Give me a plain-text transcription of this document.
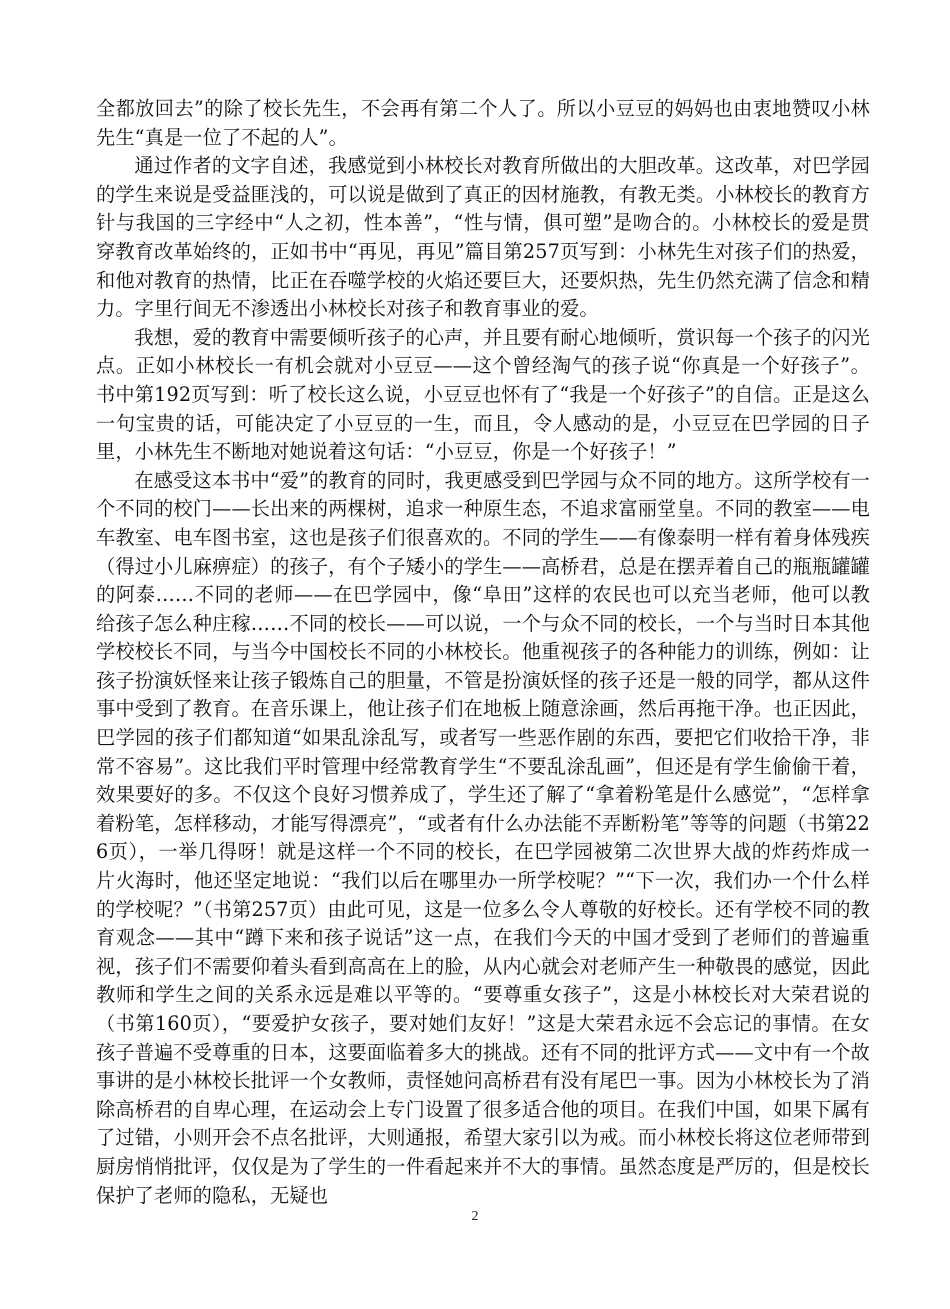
全都放回去”的除了校长先生，不会再有第二个人了。所以小豆豆的妈妈也由衷地赞叹小林先生“真是一位了不起的人”。

通过作者的文字自述，我感觉到小林校长对教育所做出的大胆改革。这改革，对巴学园的学生来说是受益匪浅的，可以说是做到了真正的因材施教，有教无类。小林校长的教育方针与我国的三字经中“人之初，性本善”，“性与情，俱可塑”是吻合的。小林校长的爱是贯穿教育改革始终的，正如书中“再见，再见”篇目第257页写到：小林先生对孩子们的热爱，和他对教育的热情，比正在吞噬学校的火焰还要巨大，还要炽热，先生仍然充满了信念和精力。字里行间无不渗透出小林校长对孩子和教育事业的爱。

我想，爱的教育中需要倾听孩子的心声，并且要有耐心地倾听，赏识每一个孩子的闪光点。正如小林校长一有机会就对小豆豆——这个曾经淘气的孩子说“你真是一个好孩子”。书中第192页写到：听了校长这么说，小豆豆也怀有了“我是一个好孩子”的自信。正是这么一句宝贵的话，可能决定了小豆豆的一生，而且，令人感动的是，小豆豆在巴学园的日子里，小林先生不断地对她说着这句话：“小豆豆，你是一个好孩子！”

在感受这本书中“爱”的教育的同时，我更感受到巴学园与众不同的地方。这所学校有一个不同的校门——长出来的两棵树，追求一种原生态，不追求富丽堂皇。不同的教室——电车教室、电车图书室，这也是孩子们很喜欢的。不同的学生——有像泰明一样有着身体残疾（得过小儿麻痹症）的孩子，有个子矮小的学生——高桥君，总是在摆弄着自己的瓶瓶罐罐的阿泰……不同的老师——在巴学园中，像“阜田”这样的农民也可以充当老师，他可以教给孩子怎么种庄稼……不同的校长——可以说，一个与众不同的校长，一个与当时日本其他学校校长不同，与当今中国校长不同的小林校长。他重视孩子的各种能力的训练，例如：让孩子扮演妖怪来让孩子锻炼自己的胆量，不管是扮演妖怪的孩子还是一般的同学，都从这件事中受到了教育。在音乐课上，他让孩子们在地板上随意涂画，然后再拖干净。也正因此，巴学园的孩子们都知道“如果乱涂乱写，或者写一些恶作剧的东西，要把它们收拾干净，非常不容易”。这比我们平时管理中经常教育学生“不要乱涂乱画”，但还是有学生偷偷干着，效果要好的多。不仅这个良好习惯养成了，学生还了解了“拿着粉笔是什么感觉”，“怎样拿着粉笔，怎样移动，才能写得漂亮”，“或者有什么办法能不弄断粉笔”等等的问题（书第226页），一举几得呀！就是这样一个不同的校长，在巴学园被第二次世界大战的炸药炸成一片火海时，他还坚定地说：“我们以后在哪里办一所学校呢？”“下一次，我们办一个什么样的学校呢？”（书第257页）由此可见，这是一位多么令人尊敬的好校长。还有学校不同的教育观念——其中“蹲下来和孩子说话”这一点，在我们今天的中国才受到了老师们的普遍重视，孩子们不需要仰着头看到高高在上的脸，从内心就会对老师产生一种敬畏的感觉，因此教师和学生之间的关系永远是难以平等的。“要尊重女孩子”，这是小林校长对大荣君说的（书第160页），“要爱护女孩子，要对她们友好！”这是大荣君永远不会忘记的事情。在女孩子普遍不受尊重的日本，这要面临着多大的挑战。还有不同的批评方式——文中有一个故事讲的是小林校长批评一个女教师，责怪她问高桥君有没有尾巴一事。因为小林校长为了消除高桥君的自卑心理，在运动会上专门设置了很多适合他的项目。在我们中国，如果下属有了过错，小则开会不点名批评，大则通报，希望大家引以为戒。而小林校长将这位老师带到厨房悄悄批评，仅仅是为了学生的一件看起来并不大的事情。虽然态度是严厉的，但是校长保护了老师的隐私，无疑也

2
